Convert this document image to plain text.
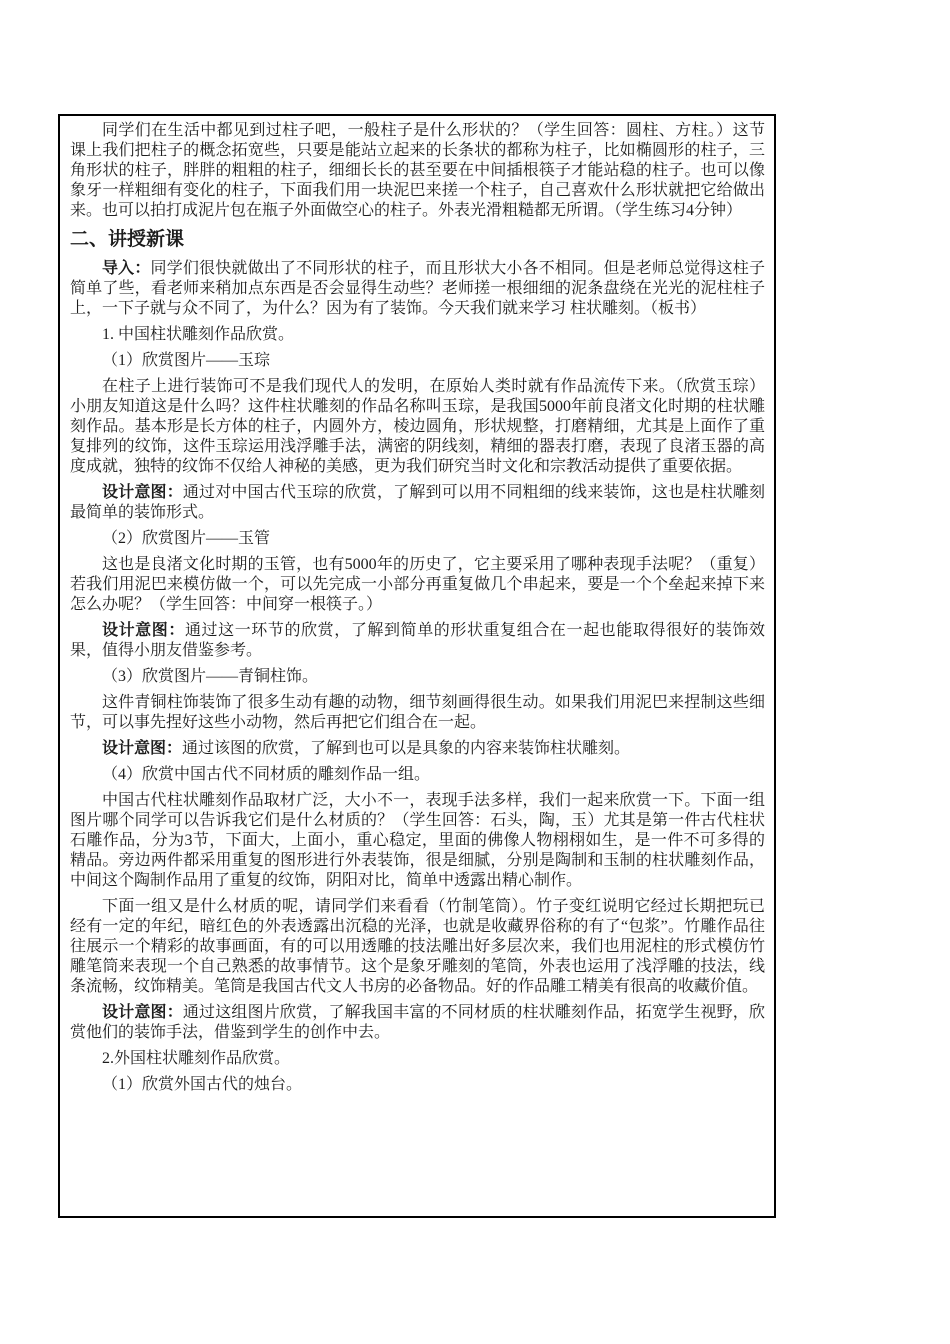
同学们在生活中都见到过柱子吧，一般柱子是什么形状的？（学生回答：圆柱、方柱。）这节课上我们把柱子的概念拓宽些，只要是能站立起来的长条状的都称为柱子，比如椭圆形的柱子，三角形状的柱子，胖胖的粗粗的柱子，细细长长的甚至要在中间插根筷子才能站稳的柱子。也可以像象牙一样粗细有变化的柱子，下面我们用一块泥巴来搓一个柱子，自己喜欢什么形状就把它给做出来。也可以拍打成泥片包在瓶子外面做空心的柱子。外表光滑粗糙都无所谓。（学生练习4分钟）

二、讲授新课

导入：同学们很快就做出了不同形状的柱子，而且形状大小各不相同。但是老师总觉得这柱子简单了些，看老师来稍加点东西是否会显得生动些？老师搓一根细细的泥条盘绕在光光的泥柱柱子上，一下子就与众不同了，为什么？因为有了装饰。今天我们就来学习 柱状雕刻。（板书）

1. 中国柱状雕刻作品欣赏。

（1）欣赏图片——玉琮

在柱子上进行装饰可不是我们现代人的发明，在原始人类时就有作品流传下来。（欣赏玉琮）小朋友知道这是什么吗？这件柱状雕刻的作品名称叫玉琮，是我国5000年前良渚文化时期的柱状雕刻作品。基本形是长方体的柱子，内圆外方，棱边圆角，形状规整，打磨精细，尤其是上面作了重复排列的纹饰，这件玉琮运用浅浮雕手法，满密的阴线刻，精细的器表打磨，表现了良渚玉器的高度成就，独特的纹饰不仅给人神秘的美感，更为我们研究当时文化和宗教活动提供了重要依据。

设计意图：通过对中国古代玉琮的欣赏，了解到可以用不同粗细的线来装饰，这也是柱状雕刻最简单的装饰形式。

（2）欣赏图片——玉管

这也是良渚文化时期的玉管，也有5000年的历史了，它主要采用了哪种表现手法呢？（重复）若我们用泥巴来模仿做一个，可以先完成一小部分再重复做几个串起来，要是一个个垒起来掉下来怎么办呢？（学生回答：中间穿一根筷子。）

设计意图：通过这一环节的欣赏，了解到简单的形状重复组合在一起也能取得很好的装饰效果，值得小朋友借鉴参考。

（3）欣赏图片——青铜柱饰。

这件青铜柱饰装饰了很多生动有趣的动物，细节刻画得很生动。如果我们用泥巴来捏制这些细节，可以事先捏好这些小动物，然后再把它们组合在一起。

设计意图：通过该图的欣赏，了解到也可以是具象的内容来装饰柱状雕刻。

（4）欣赏中国古代不同材质的雕刻作品一组。

中国古代柱状雕刻作品取材广泛，大小不一，表现手法多样，我们一起来欣赏一下。下面一组图片哪个同学可以告诉我它们是什么材质的？（学生回答：石头，陶，玉）尤其是第一件古代柱状石雕作品，分为3节，下面大，上面小，重心稳定，里面的佛像人物栩栩如生，是一件不可多得的精品。旁边两件都采用重复的图形进行外表装饰，很是细腻，分别是陶制和玉制的柱状雕刻作品，中间这个陶制作品用了重复的纹饰，阴阳对比，简单中透露出精心制作。

下面一组又是什么材质的呢，请同学们来看看（竹制笔筒）。竹子变红说明它经过长期把玩已经有一定的年纪，暗红色的外表透露出沉稳的光泽，也就是收藏界俗称的有了“包浆”。竹雕作品往往展示一个精彩的故事画面，有的可以用透雕的技法雕出好多层次来，我们也用泥柱的形式模仿竹雕笔筒来表现一个自己熟悉的故事情节。这个是象牙雕刻的笔筒，外表也运用了浅浮雕的技法，线条流畅，纹饰精美。笔筒是我国古代文人书房的必备物品。好的作品雕工精美有很高的收藏价值。

设计意图：通过这组图片欣赏，了解我国丰富的不同材质的柱状雕刻作品，拓宽学生视野，欣赏他们的装饰手法，借鉴到学生的创作中去。

2.外国柱状雕刻作品欣赏。

（1）欣赏外国古代的烛台。
